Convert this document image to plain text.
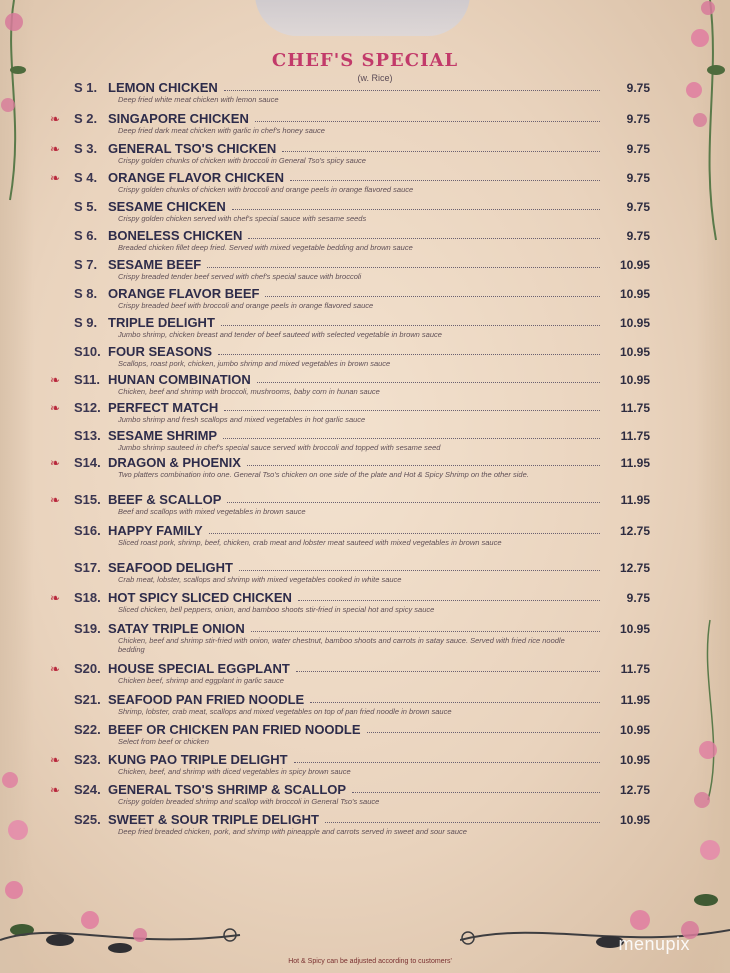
CHEF'S SPECIAL
(w. Rice)
S 1. LEMON CHICKEN	9.75
Deep fried white meat chicken with lemon sauce
❧	S 2. SINGAPORE CHICKEN	9.75
Deep fried dark meat chicken with garlic in chef's honey sauce
❧	S 3. GENERAL TSO'S CHICKEN	9.75
Crispy golden chunks of chicken with broccoli in General Tso's spicy sauce
❧	S 4. ORANGE FLAVOR CHICKEN	9.75
Crispy golden chunks of chicken with broccoli and orange peels in orange flavored sauce
S 5. SESAME CHICKEN	9.75
Crispy golden chicken served with chef's special sauce with sesame seeds
S 6. BONELESS CHICKEN	9.75
Breaded chicken fillet deep fried. Served with mixed vegetable bedding and brown sauce
S 7. SESAME BEEF	10.95
Crispy breaded tender beef served with chef's special sauce with broccoli
S 8. ORANGE FLAVOR BEEF	10.95
Crispy breaded beef with broccoli and orange peels in orange flavored sauce
S 9. TRIPLE DELIGHT	10.95
Jumbo shrimp, chicken breast and tender of beef sauteed with selected vegetable in brown sauce
S10. FOUR SEASONS	10.95
Scallops, roast pork, chicken, jumbo shrimp and mixed vegetables in brown sauce
❧	S11. HUNAN COMBINATION	10.95
Chicken, beef and shrimp with broccoli, mushrooms, baby corn in hunan sauce
❧	S12. PERFECT MATCH	11.75
Jumbo shrimp and fresh scallops and mixed vegetables in hot garlic sauce
S13. SESAME SHRIMP	11.75
Jumbo shrimp sauteed in chef's special sauce served with broccoli and topped with sesame seed
❧	S14. DRAGON & PHOENIX	11.95
Two platters combination into one. General Tso's chicken on one side of the plate and Hot & Spicy Shrimp on the other side.
❧	S15. BEEF & SCALLOP	11.95
Beef and scallops with mixed vegetables in brown sauce
S16. HAPPY FAMILY	12.75
Sliced roast pork, shrimp, beef, chicken, crab meat and lobster meat sauteed with mixed vegetables in brown sauce
S17. SEAFOOD DELIGHT	12.75
Crab meat, lobster, scallops and shrimp with mixed vegetables cooked in white sauce
❧	S18. HOT SPICY SLICED CHICKEN	9.75
Sliced chicken, bell peppers, onion, and bamboo shoots stir-fried in special hot and spicy sauce
S19. SATAY TRIPLE ONION	10.95
Chicken, beef and shrimp stir-fried with onion, water chestnut, bamboo shoots and carrots in satay sauce. Served with fried rice noodle bedding
❧	S20. HOUSE SPECIAL EGGPLANT	11.75
Chicken beef, shrimp and eggplant in garlic sauce
S21. SEAFOOD PAN FRIED NOODLE	11.95
Shrimp, lobster, crab meat, scallops and mixed vegetables on top of pan fried noodle in brown sauce
S22. BEEF OR CHICKEN PAN FRIED NOODLE	10.95
Select from beef or chicken
❧	S23. KUNG PAO TRIPLE DELIGHT	10.95
Chicken, beef, and shrimp with diced vegetables in spicy brown sauce
❧	S24. GENERAL TSO'S SHRIMP & SCALLOP	12.75
Crispy golden breaded shrimp and scallop with broccoli in General Tso's sauce
S25. SWEET & SOUR TRIPLE DELIGHT	10.95
Deep fried breaded chicken, pork, and shrimp with pineapple and carrots served in sweet and sour sauce
Hot & Spicy can be adjusted according to customers'
menupix
